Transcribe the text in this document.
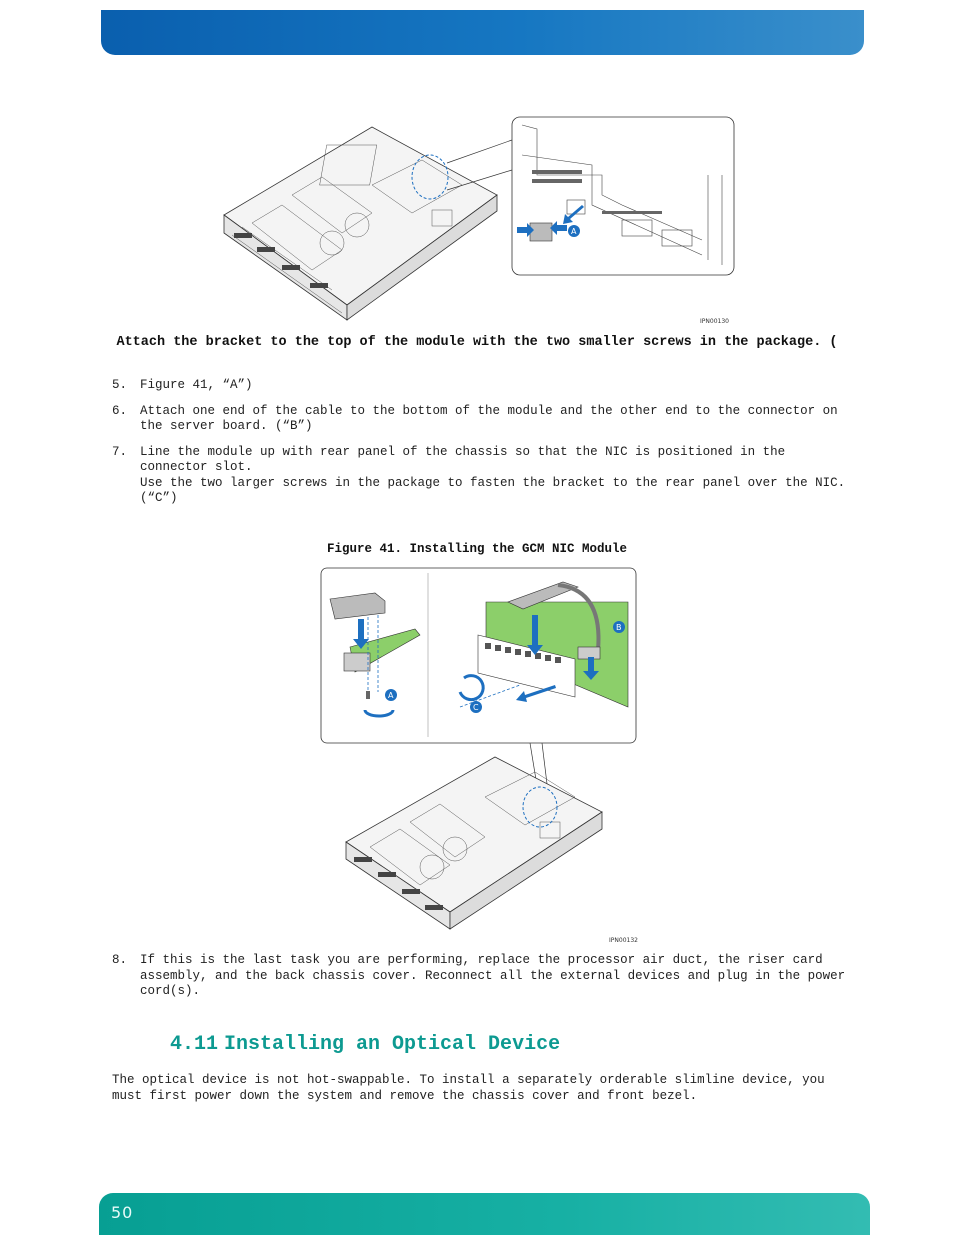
A
IPN00130
Attach the bracket to the top of the module with the two smaller screws in the package. (
5.	Figure 41, “A”)
6.	Attach one end of the cable to the bottom of the module and the other end to the connector on the server board. (“B”)
7.	Line the module up with rear panel of the chassis so that the NIC is positioned in the connector slot.
Use the two larger screws in the package to fasten the bracket to the rear panel over the NIC. (“C”)
Figure 41. Installing the GCM NIC Module
A
B
C
IPN00132
8.	If this is the last task you are performing, replace the processor air duct, the riser card assembly, and the back chassis cover. Reconnect all the external devices and plug in the power cord(s).
4.11 Installing an Optical Device
The optical device is not hot-swappable. To install a separately orderable slimline device, you must first power down the system and remove the chassis cover and front bezel.
50
